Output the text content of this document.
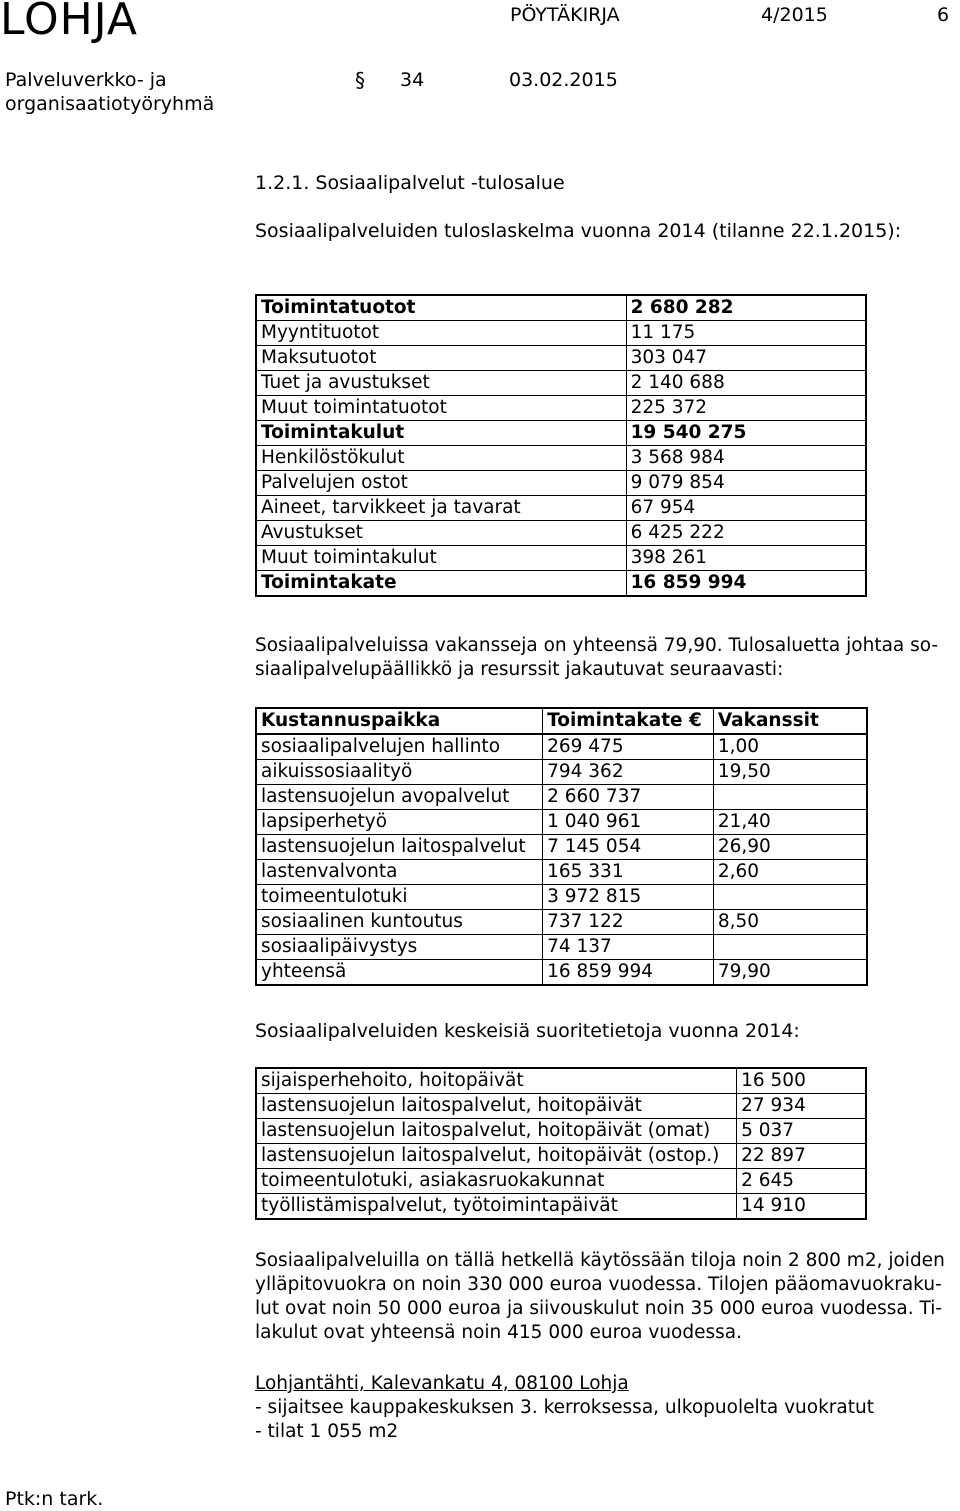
LOHJA	PÖYTÄKIRJA	4/2015	6
Palveluverkko- ja
organisaatiotyöryhmä
§ 34	03.02.2015
1.2.1. Sosiaalipalvelut -tulosalue
Sosiaalipalveluiden tuloslaskelma vuonna 2014 (tilanne 22.1.2015):
Toimintatuotot	2 680 282
Myyntituotot	11 175
Maksutuotot	303 047
Tuet ja avustukset	2 140 688
Muut toimintatuotot	225 372
Toimintakulut	19 540 275
Henkilöstökulut	3 568 984
Palvelujen ostot	9 079 854
Aineet, tarvikkeet ja tavarat	67 954
Avustukset	6 425 222
Muut toimintakulut	398 261
Toimintakate	16 859 994
Sosiaalipalveluissa vakansseja on yhteensä 79,90. Tulosaluetta johtaa so-
siaalipalvelupäällikkö ja resurssit jakautuvat seuraavasti:
Kustannuspaikka	Toimintakate €	Vakanssit
sosiaalipalvelujen hallinto	269 475	1,00
aikuissosiaalityö	794 362	19,50
lastensuojelun avopalvelut	2 660 737	
lapsiperhetyö	1 040 961	21,40
lastensuojelun laitospalvelut	7 145 054	26,90
lastenvalvonta	165 331	2,60
toimeentulotuki	3 972 815	
sosiaalinen kuntoutus	737 122	8,50
sosiaalipäivystys	74 137	
yhteensä	16 859 994	79,90
Sosiaalipalveluiden keskeisiä suoritetietoja vuonna 2014:
sijaisperhehoito, hoitopäivät	16 500
lastensuojelun laitospalvelut, hoitopäivät	27 934
lastensuojelun laitospalvelut, hoitopäivät (omat)	5 037
lastensuojelun laitospalvelut, hoitopäivät (ostop.)	22 897
toimeentulotuki, asiakasruokakunnat	2 645
työllistämispalvelut, työtoimintapäivät	14 910
Sosiaalipalveluilla on tällä hetkellä käytössään tiloja noin 2 800 m2, joiden
ylläpitovuokra on noin 330 000 euroa vuodessa. Tilojen pääomavuokraku-
lut ovat noin 50 000 euroa ja siivouskulut noin 35 000 euroa vuodessa. Ti-
lakulut ovat yhteensä noin 415 000 euroa vuodessa.
Lohjantähti, Kalevankatu 4, 08100 Lohja
- sijaitsee kauppakeskuksen 3. kerroksessa, ulkopuolelta vuokratut
- tilat 1 055 m2
Ptk:n tark.
